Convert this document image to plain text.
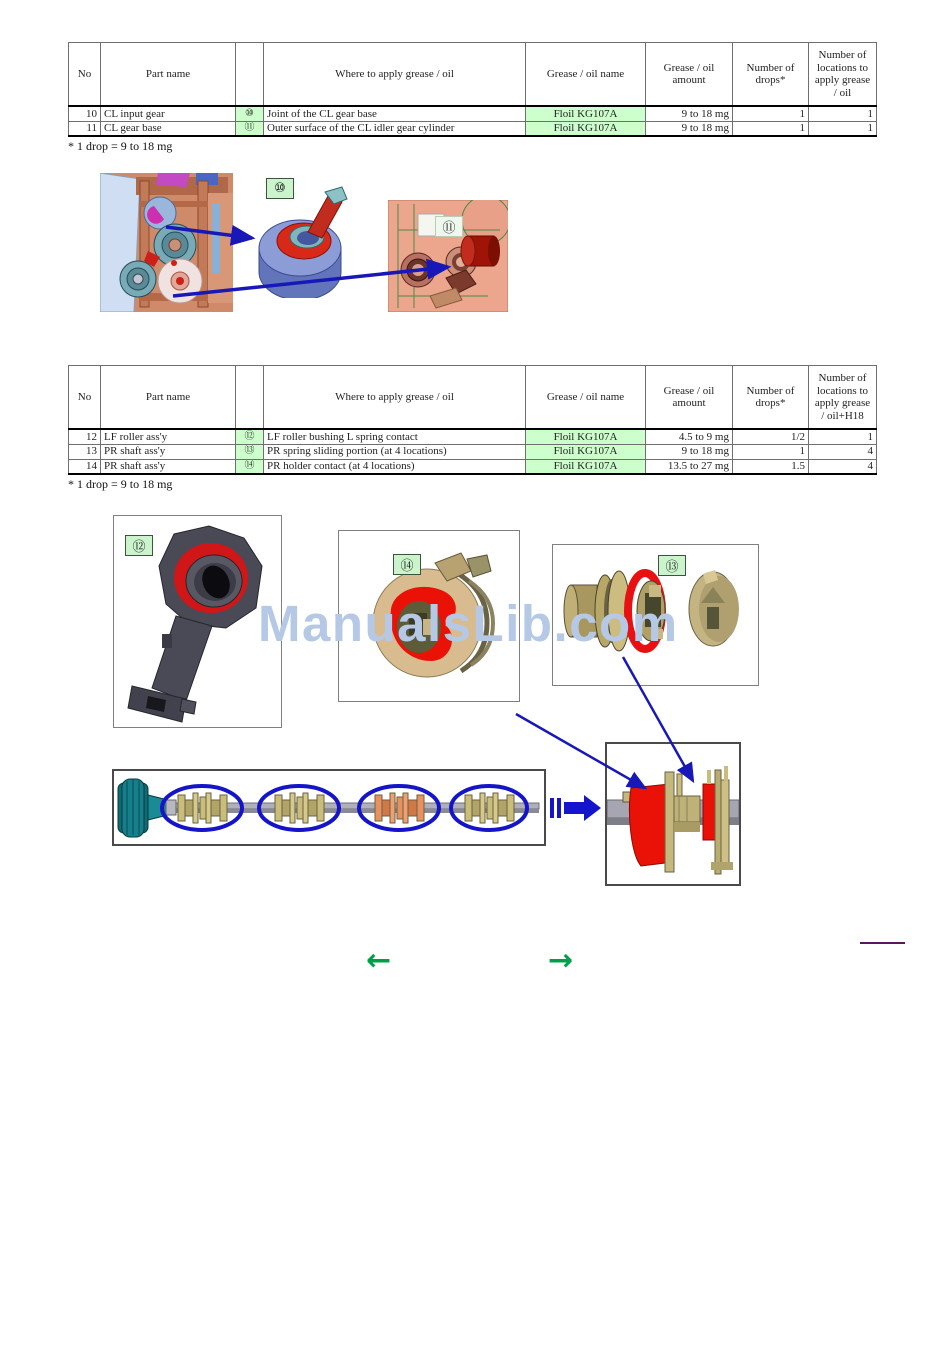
No	Part name		Where to apply grease / oil	Grease / oil name	Grease / oil amount	Number of drops*	Number of locations to apply grease / oil
10	CL input gear	⑩	Joint of the CL gear base	Floil KG107A	9 to 18 mg	1	1
11	CL gear base	⑪	Outer surface of the CL idler gear cylinder	Floil KG107A	9 to 18 mg	1	1
* 1 drop = 9 to 18 mg
⑩
⑪
No	Part name		Where to apply grease / oil	Grease / oil name	Grease / oil amount	Number of drops*	Number of locations to apply grease / oil+H18
12	LF roller ass'y	⑫	LF roller bushing L spring contact	Floil KG107A	4.5 to 9 mg	1/2	1
13	PR shaft ass'y	⑬	PR spring sliding portion (at 4 locations)	Floil KG107A	9 to 18 mg	1	4
14	PR shaft ass'y	⑭	PR holder contact (at 4 locations)	Floil KG107A	13.5 to 27 mg	1.5	4
* 1 drop = 9 to 18 mg
⑫
⑭	⑬
ManualsLib.com
←	→
